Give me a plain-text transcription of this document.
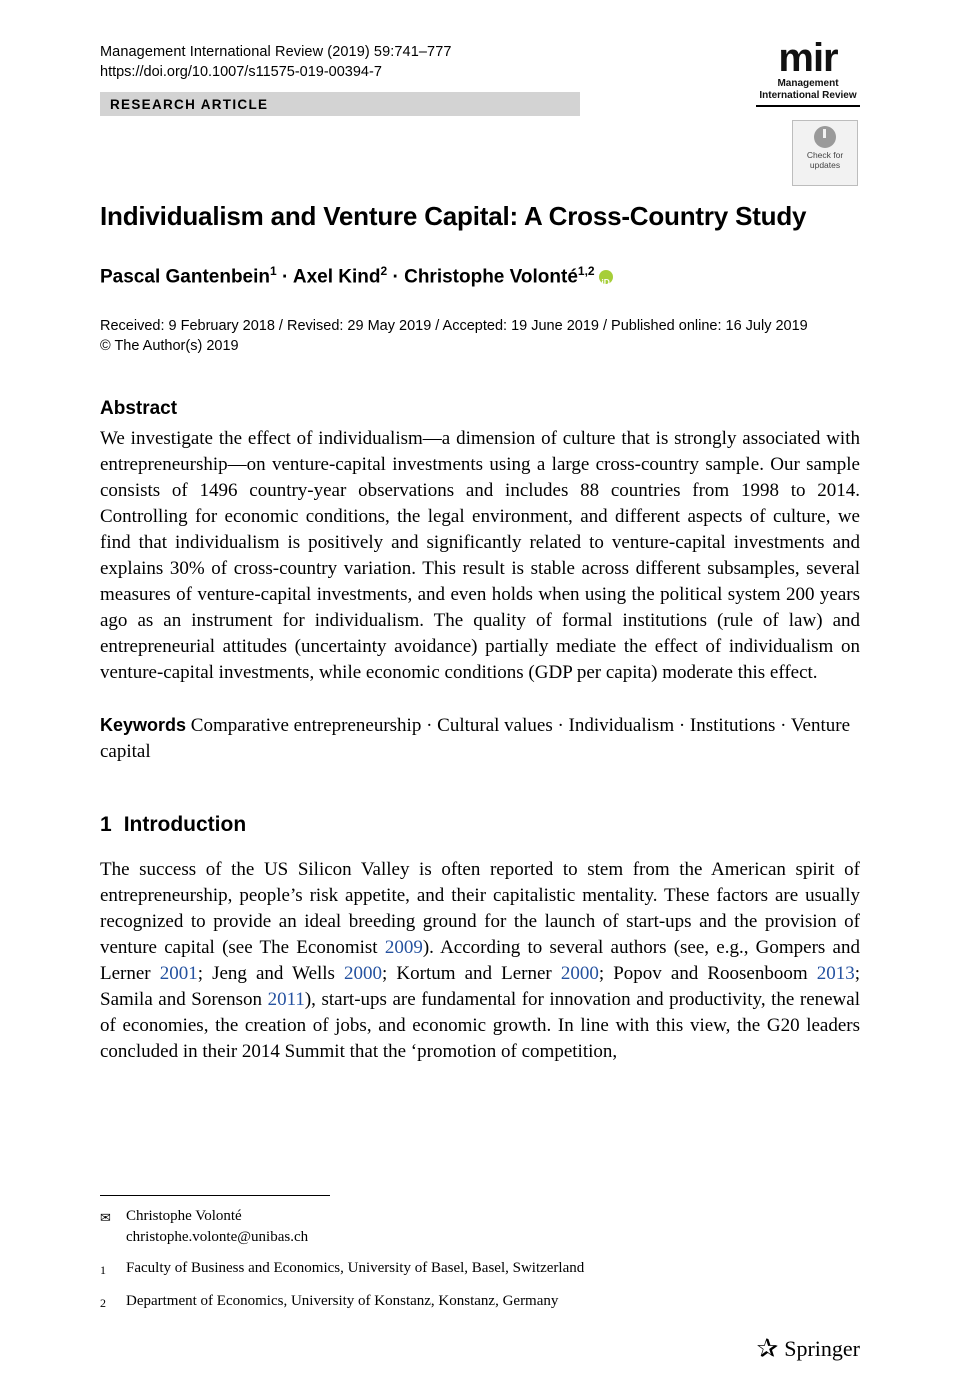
Management International Review (2019) 59:741–777
https://doi.org/10.1007/s11575-019-00394-7
RESEARCH ARTICLE
mir
Management
International Review
Check for
updates
Individualism and Venture Capital: A Cross-Country Study
Pascal Gantenbein$^1$ · Axel Kind$^2$ · Christophe Volonté$^{1,2}$iD
Received: 9 February 2018 / Revised: 29 May 2019 / Accepted: 19 June 2019 / Published online: 16 July 2019
© The Author(s) 2019
Abstract
We investigate the effect of individualism—a dimension of culture that is strongly associated with entrepreneurship—on venture-capital investments using a large cross-country sample. Our sample consists of 1496 country-year observations and includes 88 countries from 1998 to 2014. Controlling for economic conditions, the legal environment, and different aspects of culture, we find that individualism is positively and significantly related to venture-capital investments and explains 30% of cross-country variation. This result is stable across different subsamples, several measures of venture-capital investments, and even holds when using the political system 200 years ago as an instrument for individualism. The quality of formal institutions (rule of law) and entrepreneurial attitudes (uncertainty avoidance) partially mediate the effect of individualism on venture-capital investments, while economic conditions (GDP per capita) moderate this effect.
Keywords Comparative entrepreneurship · Cultural values · Individualism · Institutions · Venture capital
1 Introduction

The success of the US Silicon Valley is often reported to stem from the American spirit of entrepreneurship, people’s risk appetite, and their capitalistic mentality. These factors are usually recognized to provide an ideal breeding ground for the launch of start-ups and the provision of venture capital (see The Economist 2009). According to several authors (see, e.g., Gompers and Lerner 2001; Jeng and Wells 2000; Kortum and Lerner 2000; Popov and Roosenboom 2013; Samila and Sorenson 2011), start-ups are fundamental for innovation and productivity, the renewal of economies, the creation of jobs, and economic growth. In line with this view, the G20 leaders concluded in their 2014 Summit that the ‘promotion of competition,

✉	Christophe Volonté
christophe.volonte@unibas.ch
1	Faculty of Business and Economics, University of Basel, Basel, Switzerland
2	Department of Economics, University of Konstanz, Konstanz, Germany
✰ Springer
